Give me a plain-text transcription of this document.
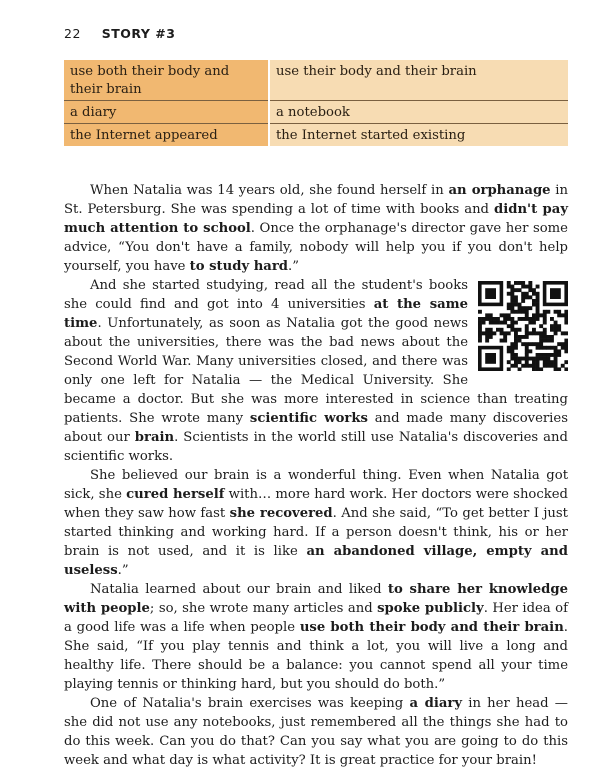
22 STORY #3
use both their body and their brain	use their body and their brain
a diary	a notebook
the Internet appeared	the Internet started existing

When Natalia was 14 years old, she found herself in an orphanage in St. Petersburg. She was spending a lot of time with books and didn't pay much attention to school. Once the orphanage's director gave her some advice, “You don't have a family, nobody will help you if you don't help yourself, you have to study hard.”

And she started studying, read all the student's books she could find and got into 4 universities at the same time. Unfortunately, as soon as Natalia got the good news about the universities, there was the bad news about the Second World War. Many universities closed, and there was only one left for Natalia — the Medical University. She became a doctor. But she was more interested in science than treating patients. She wrote many scientific works and made many discoveries about our brain. Scientists in the world still use Natalia's discoveries and scientific works.

She believed our brain is a wonderful thing. Even when Natalia got sick, she cured herself with… more hard work. Her doctors were shocked when they saw how fast she recovered. And she said, “To get better I just started thinking and working hard. If a person doesn't think, his or her brain is not used, and it is like an abandoned village, empty and useless.”

Natalia learned about our brain and liked to share her knowledge with people; so, she wrote many articles and spoke publicly. Her idea of a good life was a life when people use both their body and their brain. She said, “If you play tennis and think a lot, you will live a long and healthy life. There should be a balance: you cannot spend all your time playing tennis or thinking hard, but you should do both.”

One of Natalia's brain exercises was keeping a diary in her head — she did not use any notebooks, just remembered all the things she had to do this week. Can you do that? Can you say what you are going to do this week and what day is what activity? It is great practice for your brain!
